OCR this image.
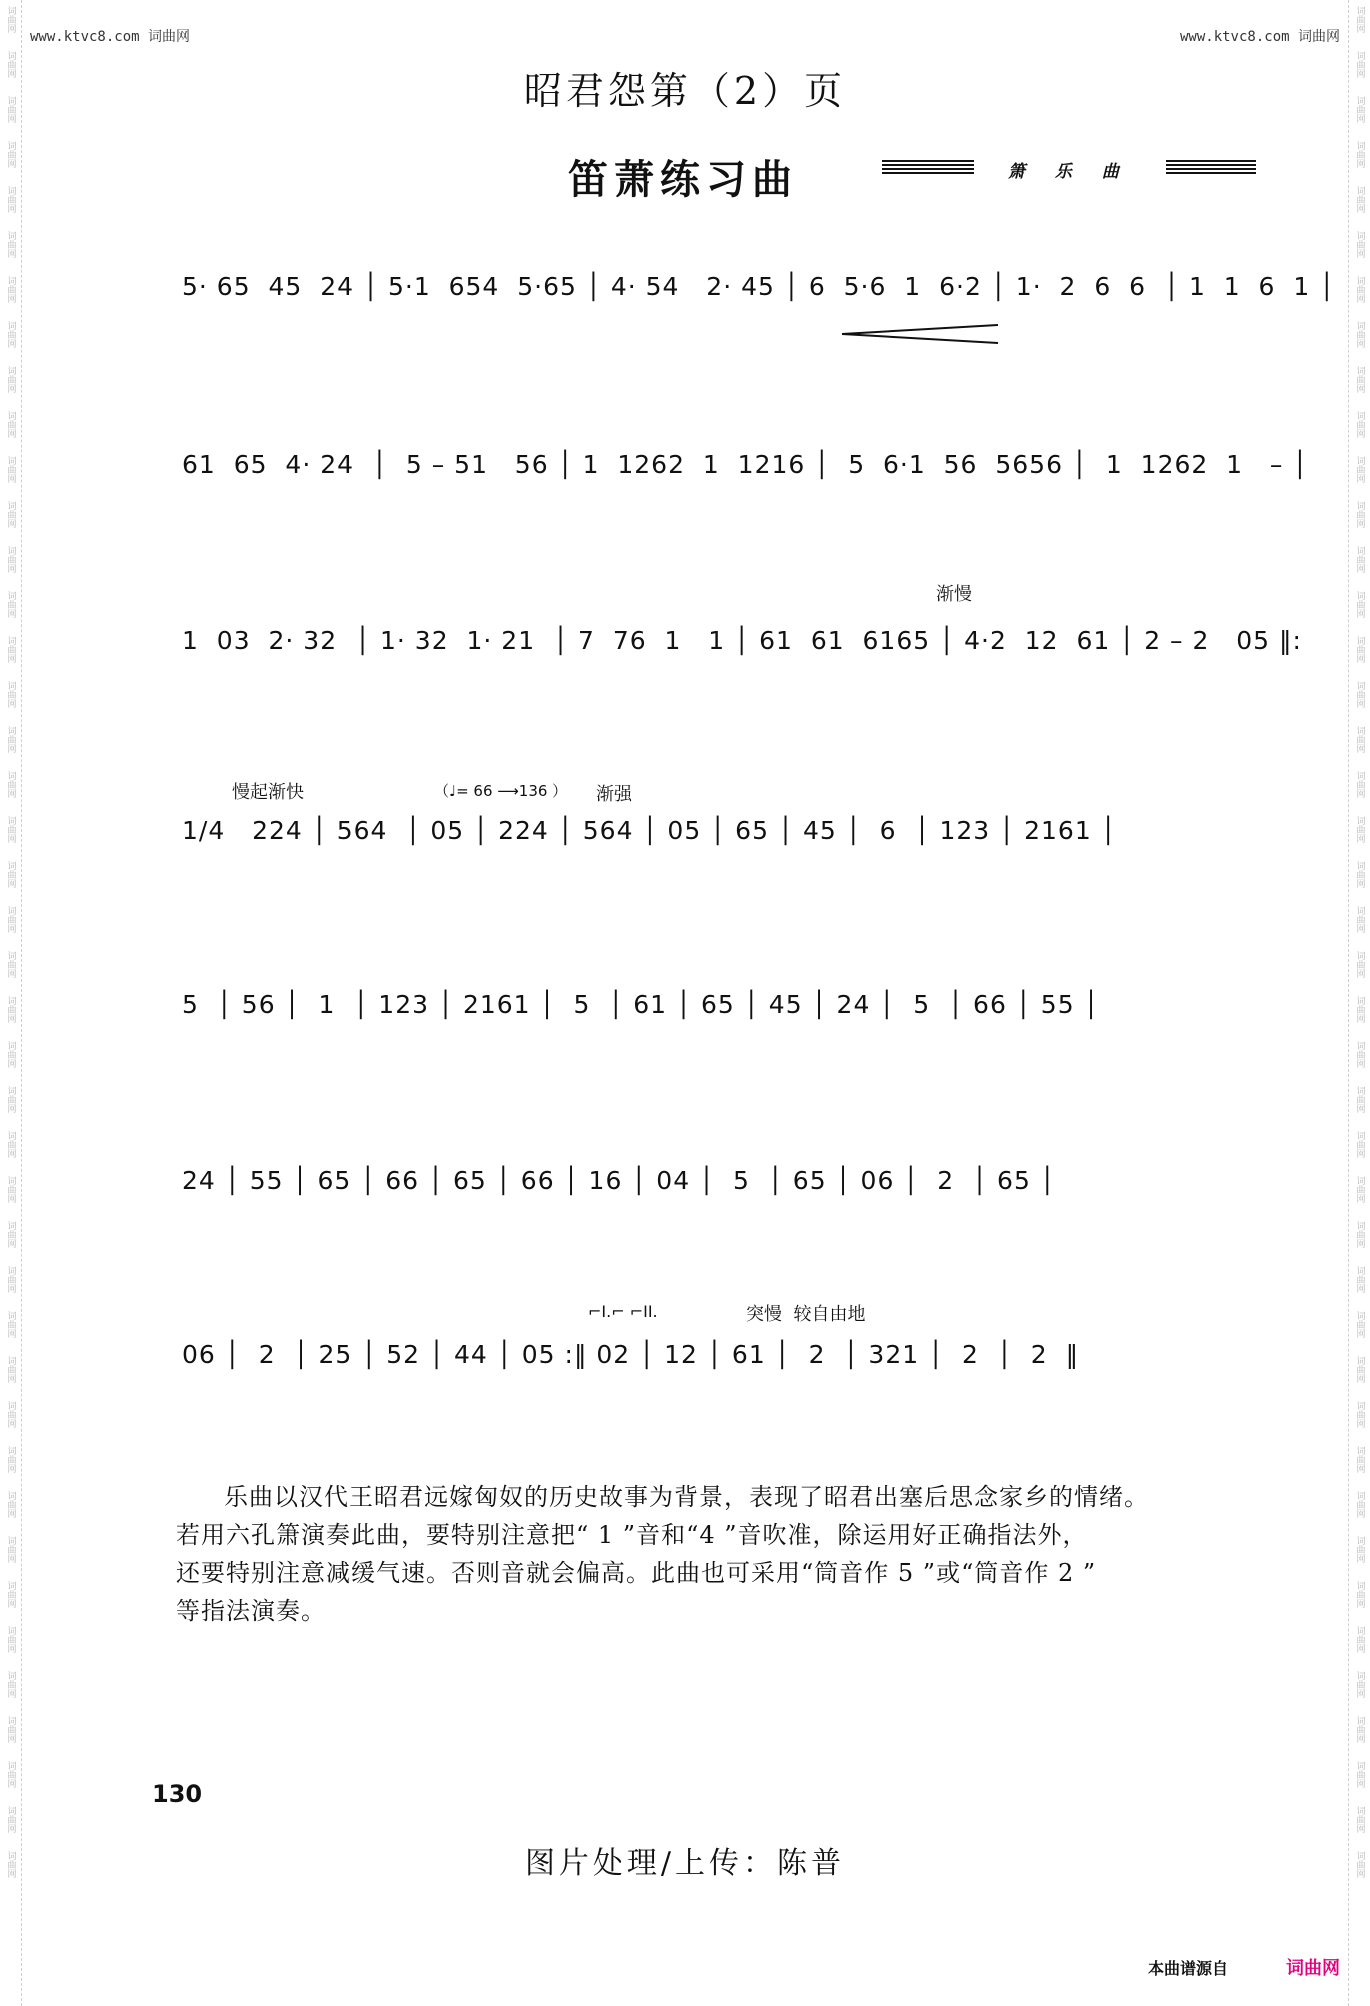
词曲网
词曲网
词曲网
词曲网
词曲网
词曲网
词曲网
词曲网
词曲网
词曲网
词曲网
词曲网
词曲网
词曲网
词曲网
词曲网
词曲网
词曲网
词曲网
词曲网
词曲网
词曲网
词曲网
词曲网
词曲网
词曲网
词曲网
词曲网
词曲网
词曲网
词曲网
词曲网
词曲网
词曲网
词曲网
词曲网
词曲网
词曲网
词曲网
词曲网
词曲网
词曲网
词曲网
词曲网
词曲网
词曲网
词曲网
词曲网
词曲网
词曲网
词曲网
词曲网
词曲网
词曲网
词曲网
词曲网
词曲网
词曲网
词曲网
词曲网
词曲网
词曲网
词曲网
词曲网
词曲网
词曲网
词曲网
词曲网
词曲网
词曲网
词曲网
词曲网
词曲网
词曲网
词曲网
词曲网
词曲网
词曲网
词曲网
词曲网
词曲网
词曲网
词曲网
词曲网
www.ktvc8.com 词曲网	www.ktvc8.com 词曲网
昭君怨第（2）页
笛萧练习曲	箫 乐 曲
5· 65  45  24 │ 5·1  654  5·65 │ 4· 54   2· 45 │ 6  5·6  1  6·2 │ 1·  2  6  6  │ 1  1  6  1 │
61  65  4· 24  │  5 – 51   56 │ 1  1262  1  1216 │  5  6·1  56  5656 │  1  1262  1   – │
渐慢
1  03  2· 32  │ 1· 32  1· 21  │ 7  76  1   1 │ 61  61  6165 │ 4·2  12  61 │ 2 – 2   05 ‖:
慢起渐快	（♩= 66 ⟶136 ） 渐强
1/4   224 │ 564  │ 05 │ 224 │ 564 │ 05 │ 65 │ 45 │  6  │ 123 │ 2161 │
5  │ 56 │  1  │ 123 │ 2161 │  5  │ 61 │ 65 │ 45 │ 24 │  5  │ 66 │ 55 │
24 │ 55 │ 65 │ 66 │ 65 │ 66 │ 16 │ 04 │  5  │ 65 │ 06 │  2  │ 65 │
⌐I.⌐ ⌐II.	突慢  较自由地
06 │  2  │ 25 │ 52 │ 44 │ 05 :‖ 02 │ 12 │ 61 │  2  │ 321 │  2  │  2  ‖

乐曲以汉代王昭君远嫁匈奴的历史故事为背景，表现了昭君出塞后思念家乡的情绪。

若用六孔箫演奏此曲，要特别注意把“ 1 ”音和“4 ”音吹准，除运用好正确指法外，

还要特别注意减缓气速。否则音就会偏高。此曲也可采用“筒音作 5 ”或“筒音作 2 ”

等指法演奏。

130
图片处理/上传：陈普
本曲谱源自	词曲网
